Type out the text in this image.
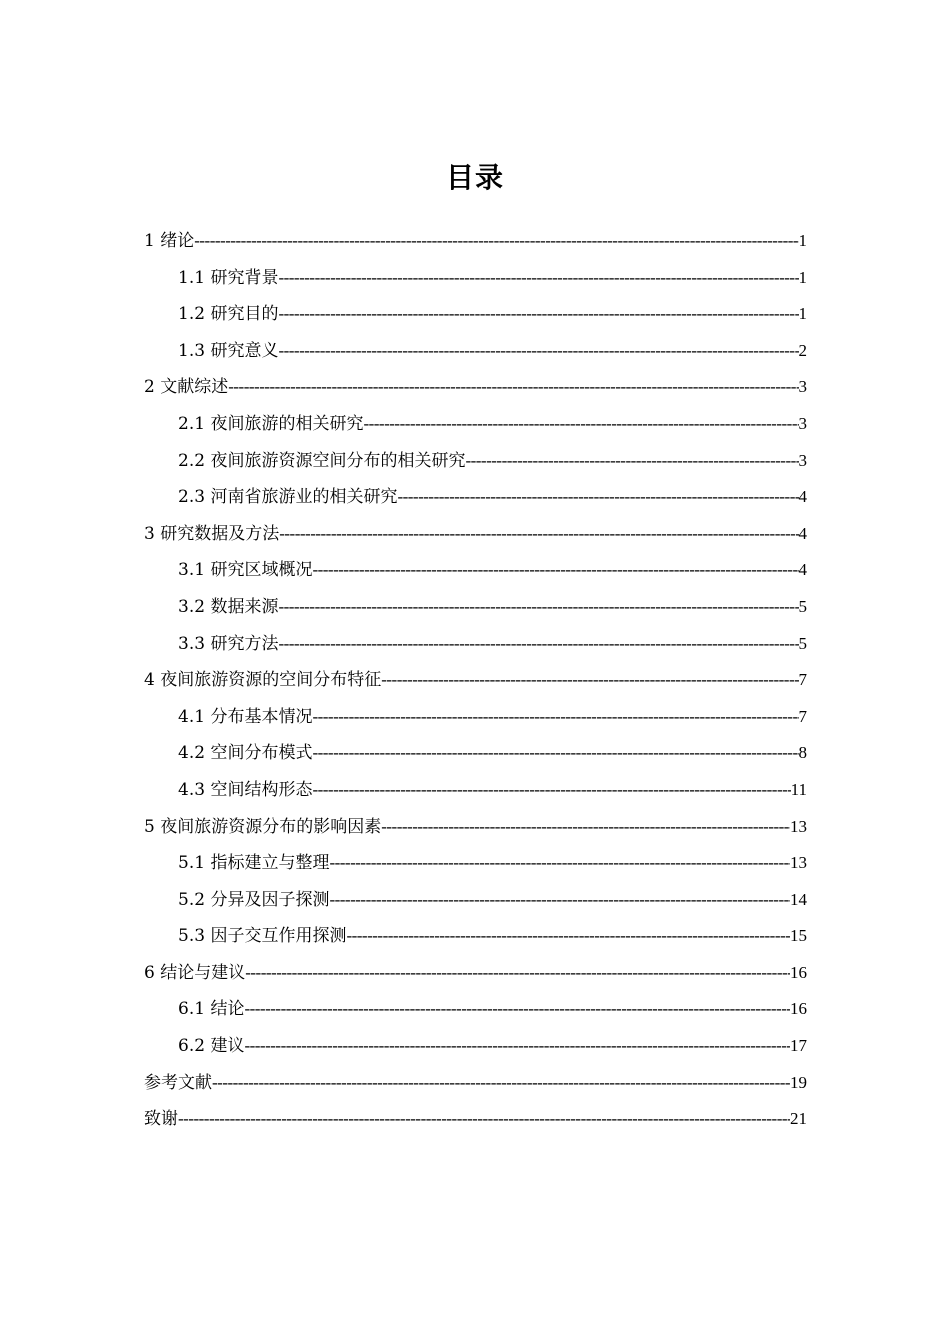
目录
1 绪论 -----	1
1.1 研究背景 -----	1
1.2 研究目的 -----	1
1.3 研究意义 -----	2
2 文献综述 -----	3
2.1 夜间旅游的相关研究 -----	3
2.2 夜间旅游资源空间分布的相关研究 -----	3
2.3 河南省旅游业的相关研究 -----	4
3 研究数据及方法 -----	4
3.1 研究区域概况 -----	4
3.2 数据来源 -----	5
3.3 研究方法 -----	5
4 夜间旅游资源的空间分布特征 -----	7
4.1 分布基本情况 -----	7
4.2 空间分布模式 -----	8
4.3 空间结构形态 -----	11
5 夜间旅游资源分布的影响因素 -----	13
5.1 指标建立与整理 -----	13
5.2 分异及因子探测 -----	14
5.3 因子交互作用探测 -----	15
6 结论与建议 -----	16
6.1 结论 -----	16
6.2 建议 -----	17
参考文献 -----	19
致谢 -----	21
